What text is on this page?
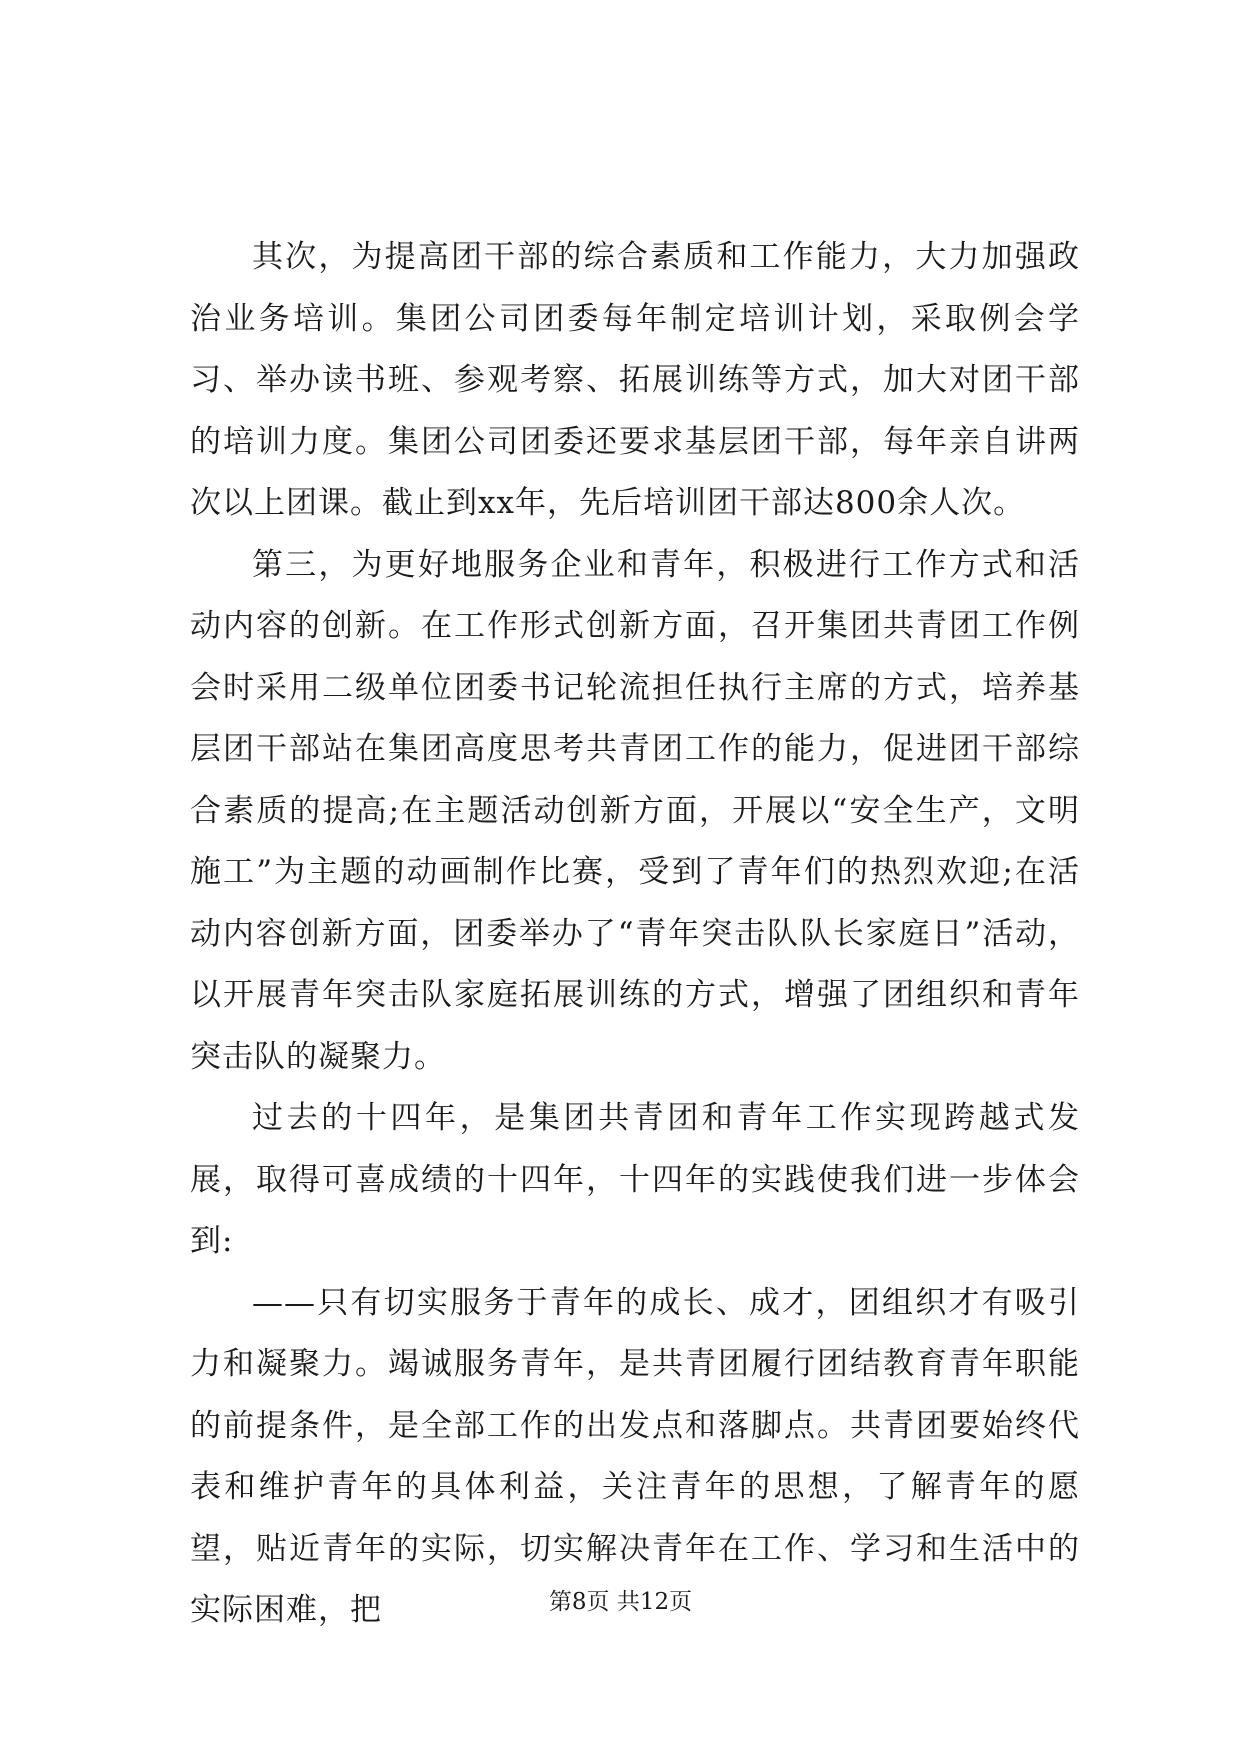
其次，为提高团干部的综合素质和工作能力，大力加强政治业务培训。集团公司团委每年制定培训计划，采取例会学习、举办读书班、参观考察、拓展训练等方式，加大对团干部的培训力度。集团公司团委还要求基层团干部，每年亲自讲两次以上团课。截止到xx年，先后培训团干部达800余人次。

第三，为更好地服务企业和青年，积极进行工作方式和活动内容的创新。在工作形式创新方面，召开集团共青团工作例会时采用二级单位团委书记轮流担任执行主席的方式，培养基层团干部站在集团高度思考共青团工作的能力，促进团干部综合素质的提高;在主题活动创新方面，开展以“安全生产，文明施工”为主题的动画制作比赛，受到了青年们的热烈欢迎;在活动内容创新方面，团委举办了“青年突击队队长家庭日”活动，以开展青年突击队家庭拓展训练的方式，增强了团组织和青年突击队的凝聚力。

过去的十四年，是集团共青团和青年工作实现跨越式发展，取得可喜成绩的十四年，十四年的实践使我们进一步体会到:

——只有切实服务于青年的成长、成才，团组织才有吸引力和凝聚力。竭诚服务青年，是共青团履行团结教育青年职能的前提条件，是全部工作的出发点和落脚点。共青团要始终代表和维护青年的具体利益，关注青年的思想，了解青年的愿望，贴近青年的实际，切实解决青年在工作、学习和生活中的实际困难，把	第8页 共12页
